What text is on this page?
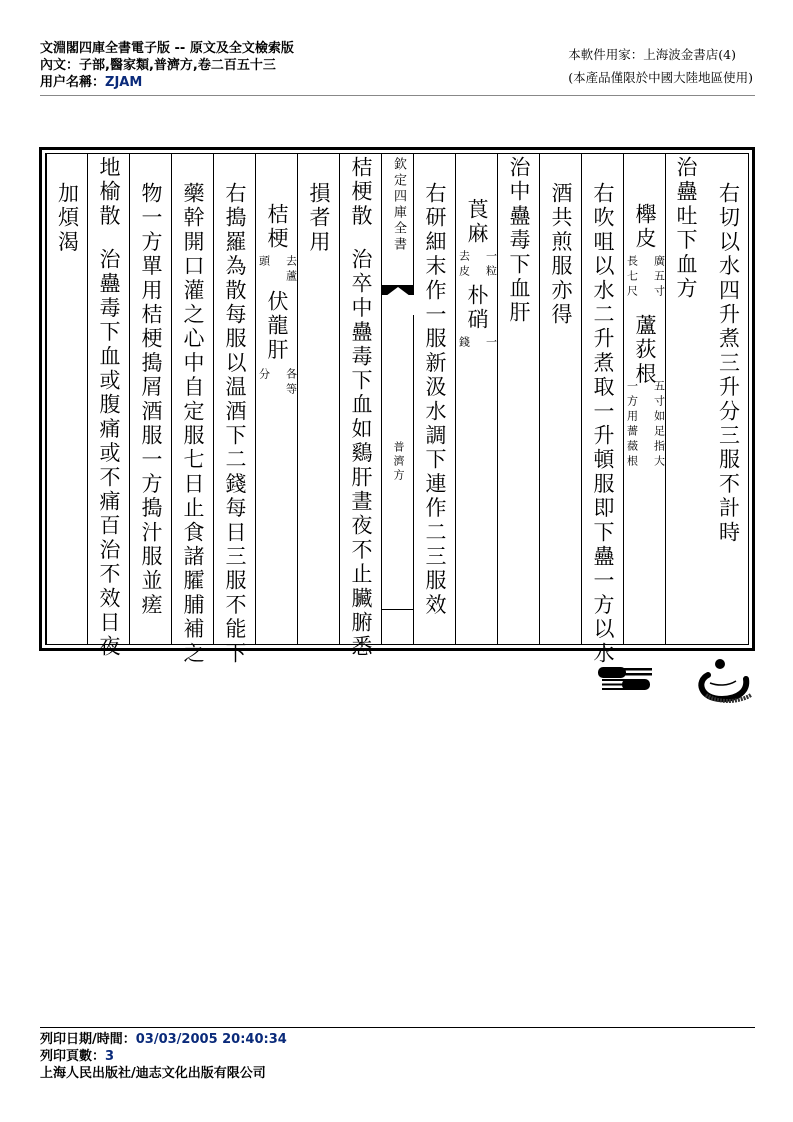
文淵閣四庫全書電子版 -- 原文及全文檢索版
內文：子部,醫家類,普濟方,卷二百五十三
用户名稱：ZJAM
本軟件用家：上海波金書店(4)
(本產品僅限於中國大陸地區使用)
右切以水四升煮三升分三服不計時
治蠱吐下血方
櫸皮
廣五寸
長七尺
蘆荻根
五寸如足指大
一方用薔薇根
右吹咀以水二升煮取一升頓服即下蠱一方以水
酒共煎服亦得
治中蠱毒下血肝
莨麻
一粒
去皮
朴硝
一
錢
右研細末作一服新汲水調下連作二三服效
欽定四庫全書
普濟方
桔梗散
治卒中蠱毒下血如鷄肝晝夜不止臟腑悉
損者用
桔梗
去蘆
頭
伏龍肝
各等
分
右搗羅為散每服以温酒下二錢每日三服不能下
藥幹開口灌之心中自定服七日止食諸臛脯補之
物一方單用桔梗搗屑酒服一方搗汁服並瘥
地榆散
治蠱毒下血或腹痛或不痛百治不效日夜
加煩渴
列印日期/時間：03/03/2005 20:40:34
列印頁數：3
上海人民出版社/迪志文化出版有限公司
